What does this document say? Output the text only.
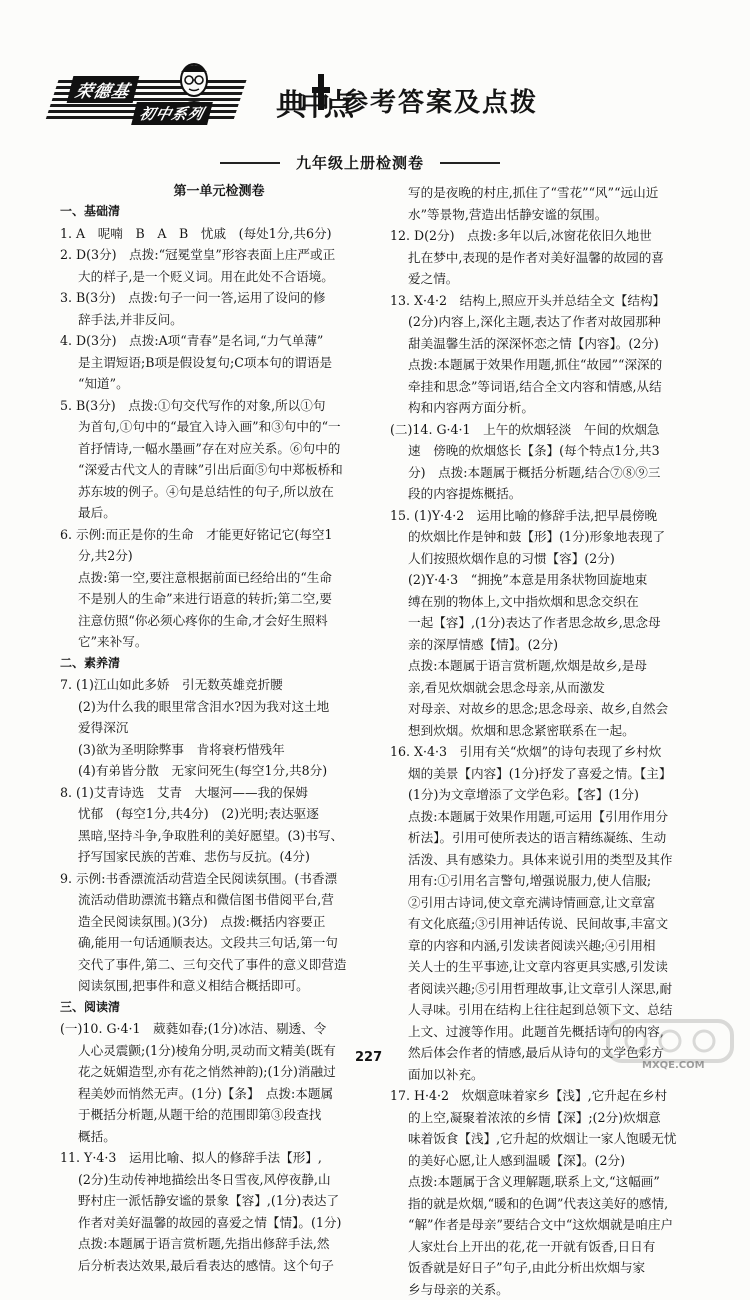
荣德基
初中系列 典中点
参考答案及点拨
九年级上册检测卷
第一单元检测卷

一、基础清

1. A　呢喃　B　A　B　忧戚　(每处1分,共6分)

2. D(3分)　点拨:“冠冕堂皇”形容表面上庄严或正

大的样子,是一个贬义词。用在此处不合语境。

3. B(3分)　点拨:句子一问一答,运用了设问的修

辞手法,并非反问。

4. D(3分)　点拨:A项“青春”是名词,“力气单薄”

是主谓短语;B项是假设复句;C项本句的谓语是

“知道”。

5. B(3分)　点拨:①句交代写作的对象,所以①句

为首句,①句中的“最宜入诗入画”和③句中的“一

首抒情诗,一幅水墨画”存在对应关系。⑥句中的

“深爱古代文人的青睐”引出后面⑤句中郑板桥和

苏东坡的例子。④句是总结性的句子,所以放在

最后。

6. 示例:而正是你的生命　才能更好铭记它(每空1

分,共2分)

点拨:第一空,要注意根据前面已经给出的“生命

不是别人的生命”来进行语意的转折;第二空,要

注意仿照“你必须心疼你的生命,才会好生照料

它”来补写。

二、素养清

7. (1)江山如此多娇　引无数英雄竞折腰

(2)为什么我的眼里常含泪水?因为我对这土地

爱得深沉

(3)欲为圣明除弊事　肯将衰朽惜残年

(4)有弟皆分散　无家问死生(每空1分,共8分)

8. (1)艾青诗选　艾青　大堰河——我的保姆

忧郁　(每空1分,共4分)　(2)光明;表达驱逐

黑暗,坚持斗争,争取胜利的美好愿望。(3)书写、

抒写国家民族的苦难、悲伤与反抗。(4分)

9. 示例:书香漂流活动营造全民阅读氛围。(书香漂

流活动借助漂流书籍点和微信图书借阅平台,营

造全民阅读氛围。)(3分)　点拨:概括内容要正

确,能用一句话通顺表达。文段共三句话,第一句

交代了事件,第二、三句交代了事件的意义即营造

阅读氛围,把事件和意义相结合概括即可。

三、阅读清

(一)10. G·4·1　葳蕤如春;(1分)冰洁、剔透、令

人心灵震颤;(1分)棱角分明,灵动而文精美(既有

花之妩媚造型,亦有花之悄然神韵);(1分)消融过

程美妙而悄然无声。(1分)【条】　点拨:本题属

于概括分析题,从题干给的范围即第③段查找

概括。

11. Y·4·3　运用比喻、拟人的修辞手法【形】,

(2分)生动传神地描绘出冬日雪夜,风停夜静,山

野村庄一派恬静安谧的景象【容】,(1分)表达了

作者对美好温馨的故园的喜爱之情【情】。(1分)

点拨:本题属于语言赏析题,先指出修辞手法,然

后分析表达效果,最后看表达的感情。这个句子

写的是夜晚的村庄,抓住了“雪花”“风”“远山近

水”等景物,营造出恬静安谧的氛围。

12. D(2分)　点拨:多年以后,冰窗花依旧久地世

扎在梦中,表现的是作者对美好温馨的故园的喜

爱之情。

13. X·4·2　结构上,照应开头并总结全文【结构】

(2分)内容上,深化主题,表达了作者对故园那种

甜美温馨生活的深深怀恋之情【内容】。(2分)

点拨:本题属于效果作用题,抓住“故园”“深深的

牵挂和思念”等词语,结合全文内容和情感,从结

构和内容两方面分析。

(二)14. G·4·1　上午的炊烟轻淡　午间的炊烟急

速　傍晚的炊烟悠长【条】(每个特点1分,共3

分)　点拨:本题属于概括分析题,结合⑦⑧⑨三

段的内容提炼概括。

15. (1)Y·4·2　运用比喻的修辞手法,把早晨傍晚

的炊烟比作是钟和鼓【形】(1分)形象地表现了

人们按照炊烟作息的习惯【容】(2分)

(2)Y·4·3　“拥挽”本意是用条状物回旋地束

缚在别的物体上,文中指炊烟和思念交织在

一起【容】,(1分)表达了作者思念故乡,思念母

亲的深厚情感【情】。(2分)

点拨:本题属于语言赏析题,炊烟是故乡,是母

亲,看见炊烟就会思念母亲,从而激发

对母亲、对故乡的思念;思念母亲、故乡,自然会

想到炊烟。炊烟和思念紧密联系在一起。

16. X·4·3　引用有关“炊烟”的诗句表现了乡村炊

烟的美景【内容】(1分)抒发了喜爱之情。【主】

(1分)为文章增添了文学色彩。【客】(1分)

点拨:本题属于效果作用题,可运用【引用作用分

析法】。引用可使所表达的语言精练凝练、生动

活泼、具有感染力。具体来说引用的类型及其作

用有:①引用名言警句,增强说服力,使人信服;

②引用古诗词,使文章充满诗情画意,让文章富

有文化底蕴;③引用神话传说、民间故事,丰富文

章的内容和内涵,引发读者阅读兴趣;④引用相

关人士的生平事迹,让文章内容更具实感,引发读

者阅读兴趣;⑤引用哲理故事,让文章引人深思,耐

人寻味。引用在结构上往往起到总领下文、总结

上文、过渡等作用。此题首先概括诗句的内容,

然后体会作者的情感,最后从诗句的文学色彩方

面加以补充。

17. H·4·2　炊烟意味着家乡【浅】,它升起在乡村

的上空,凝聚着浓浓的乡情【深】;(2分)炊烟意

味着饭食【浅】,它升起的炊烟让一家人饱暖无忧

的美好心愿,让人感到温暖【深】。(2分)

点拨:本题属于含义理解题,联系上文,“这幅画”

指的就是炊烟,“暖和的色调”代表这美好的感情,

“解”作者是母亲”要结合文中“这炊烟就是咱庄户

人家灶台上开出的花,花一开就有饭香,日日有

饭香就是好日子”句子,由此分析出炊烟与家

乡与母亲的关系。

227
MXQE.COM
